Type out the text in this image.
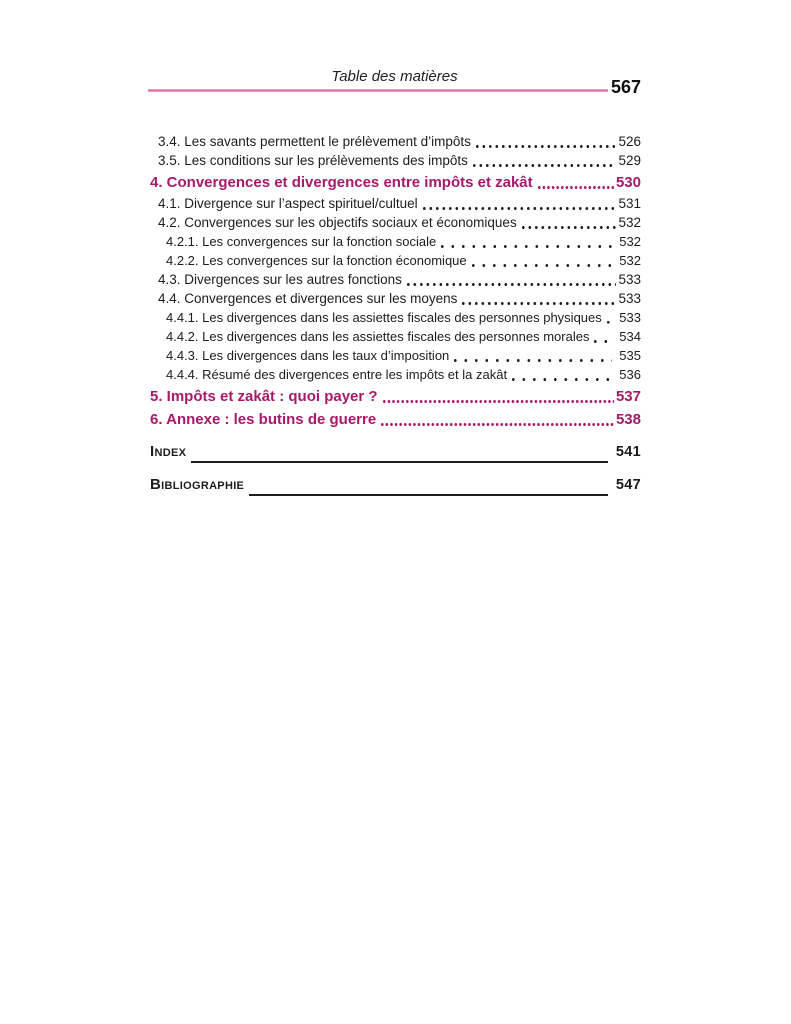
Table des matières
567
3.4. Les savants permettent le prélèvement d’impôts	526
3.5. Les conditions sur les prélèvements des impôts	529
4. Convergences et divergences entre impôts et zakât	530
4.1. Divergence sur l’aspect spirituel/cultuel	531
4.2. Convergences sur les objectifs sociaux et économiques	532
4.2.1. Les convergences sur la fonction sociale	532
4.2.2. Les convergences sur la fonction économique	532
4.3. Divergences sur les autres fonctions	533
4.4. Convergences et divergences sur les moyens	533
4.4.1. Les divergences dans les assiettes fiscales des personnes physiques 533
4.4.2. Les divergences dans les assiettes fiscales des personnes morales 534
4.4.3. Les divergences dans les taux d’imposition	535
4.4.4. Résumé des divergences entre les impôts et la zakât	536
5. Impôts et zakât : quoi payer ?	537
6. Annexe : les butins de guerre	538
Index	541
Bibliographie	547
